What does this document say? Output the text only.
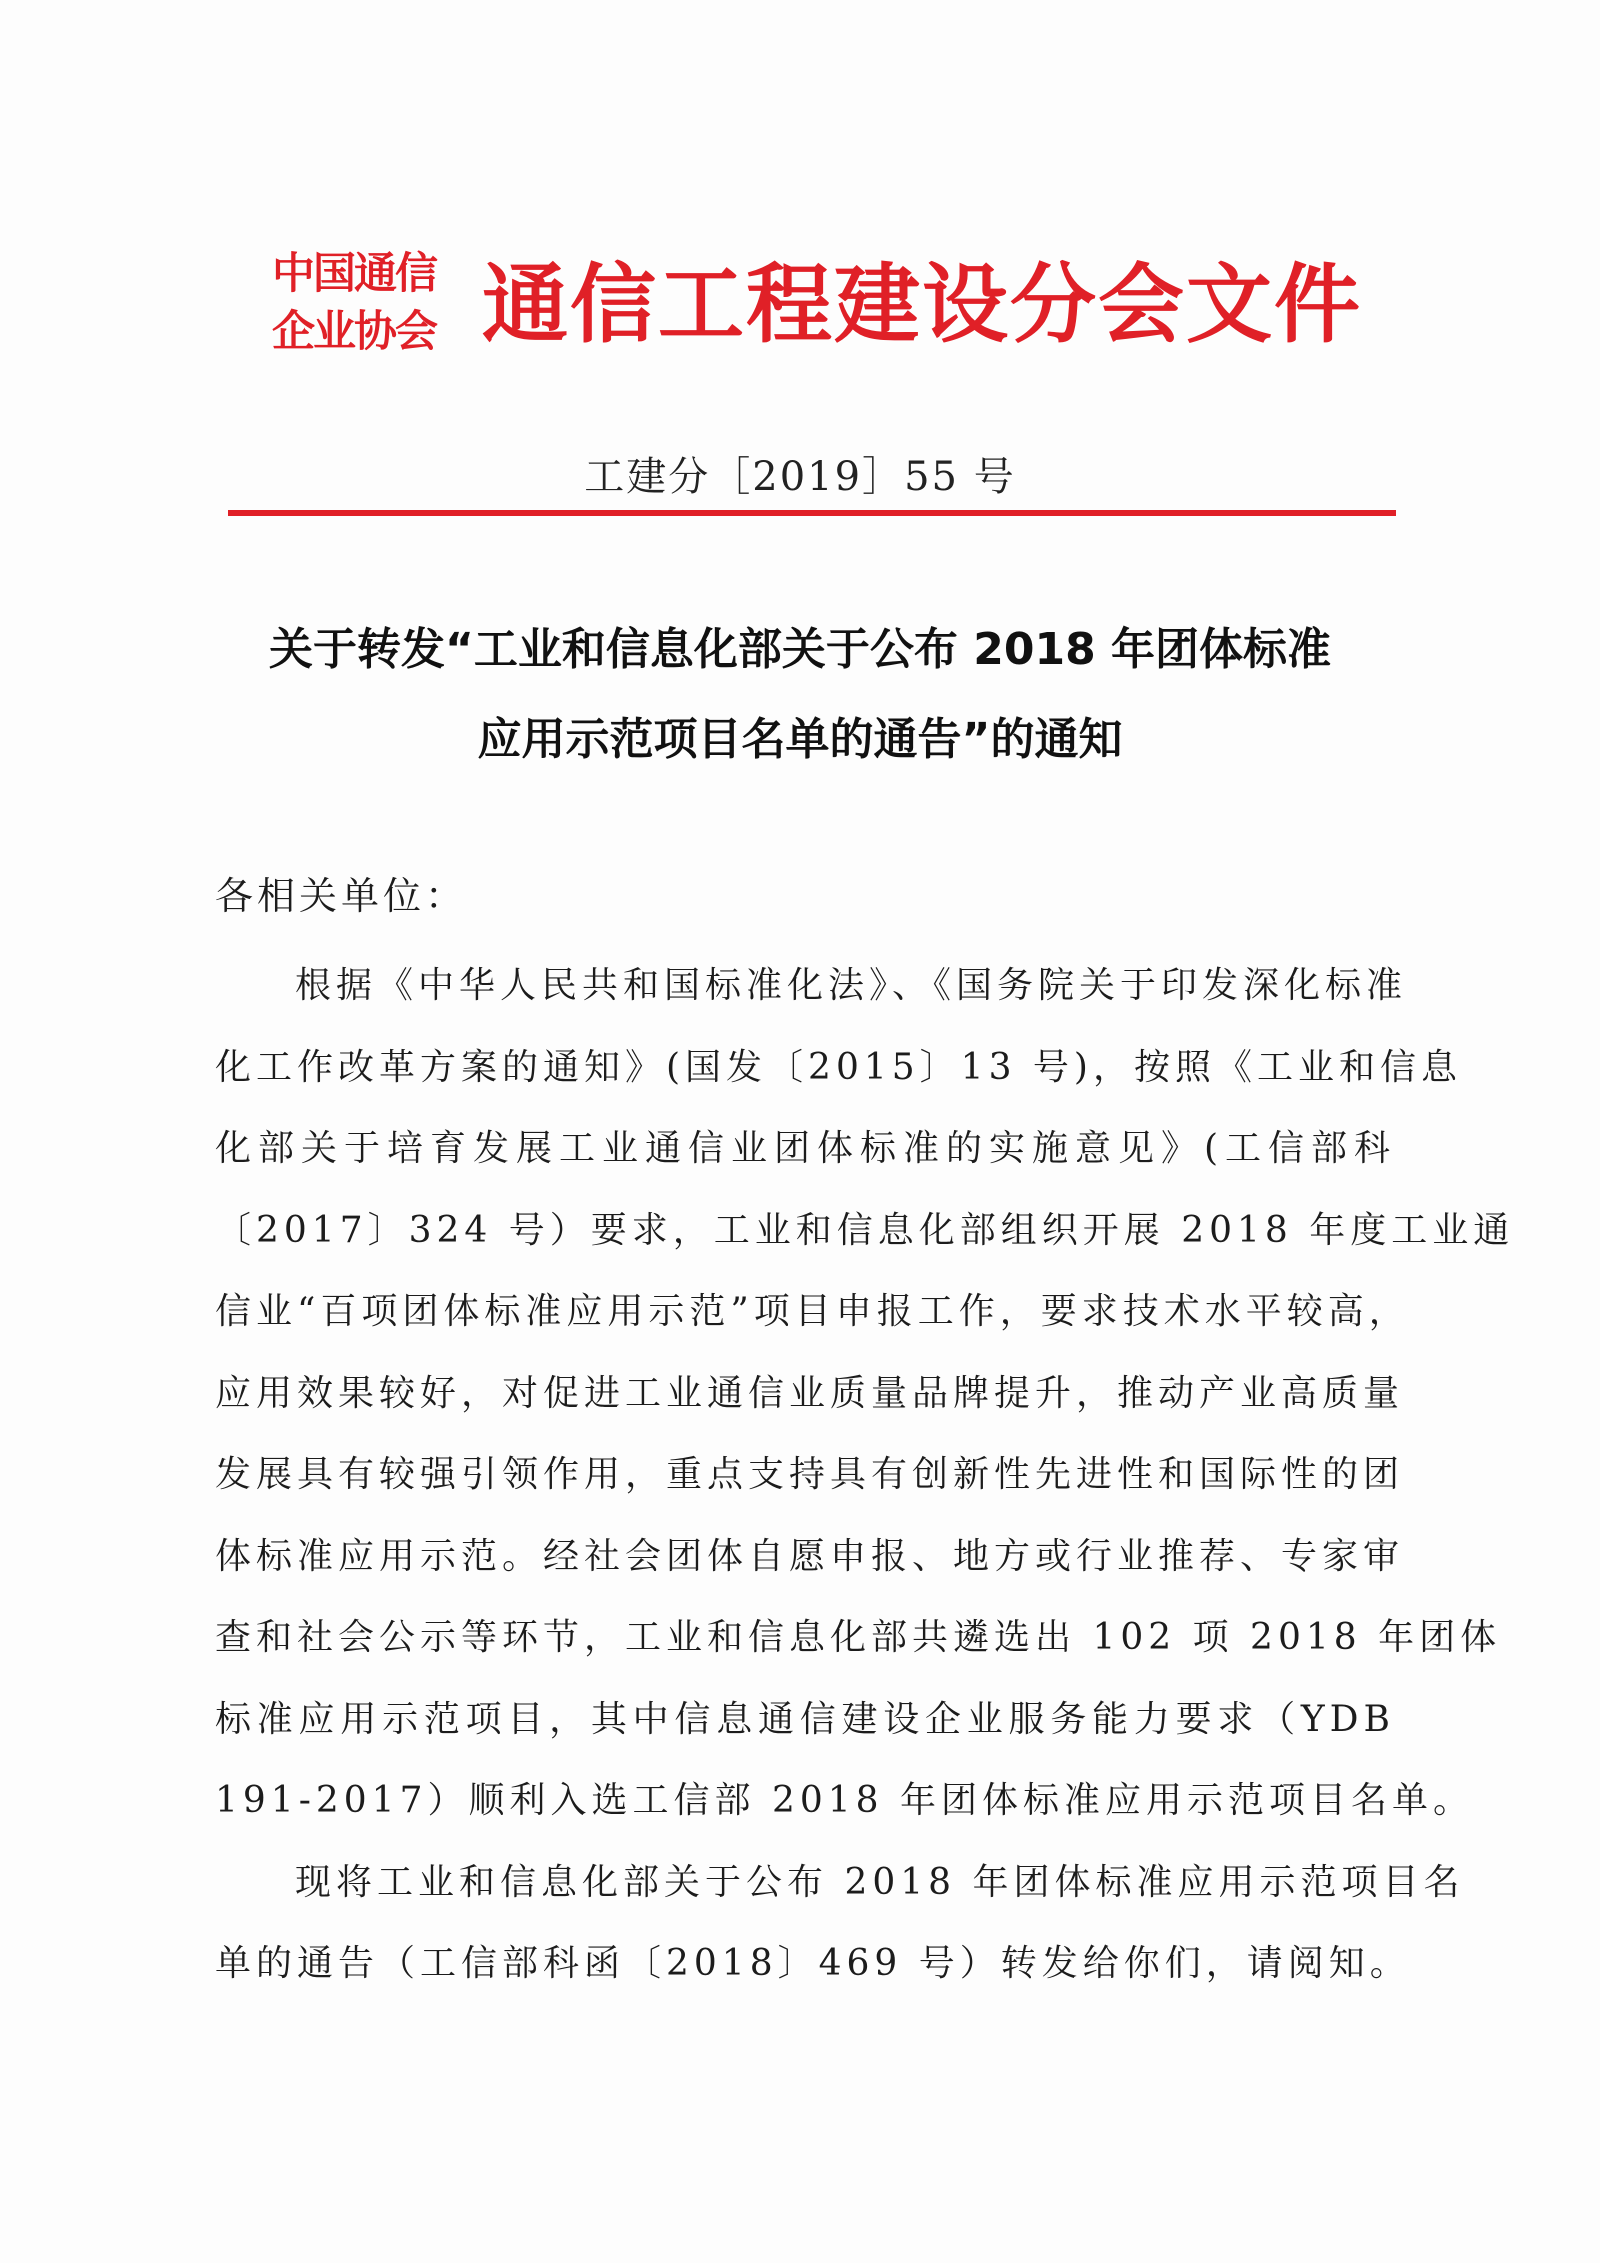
中国通信
企业协会 通信工程建设分会文件
工建分［2019］55 号
关于转发“工业和信息化部关于公布 2018 年团体标准
应用示范项目名单的通告”的通知
各相关单位：
根据《中华人民共和国标准化法》、《国务院关于印发深化标准
化工作改革方案的通知》(国发〔2015〕13 号)，按照《工业和信息
化部关于培育发展工业通信业团体标准的实施意见》(工信部科
〔2017〕324 号）要求，工业和信息化部组织开展 2018 年度工业通
信业“百项团体标准应用示范”项目申报工作，要求技术水平较高，
应用效果较好，对促进工业通信业质量品牌提升，推动产业高质量
发展具有较强引领作用，重点支持具有创新性先进性和国际性的团
体标准应用示范。经社会团体自愿申报、地方或行业推荐、专家审
查和社会公示等环节，工业和信息化部共遴选出 102 项 2018 年团体
标准应用示范项目，其中信息通信建设企业服务能力要求（YDB
191-2017）顺利入选工信部 2018 年团体标准应用示范项目名单。
现将工业和信息化部关于公布 2018 年团体标准应用示范项目名
单的通告（工信部科函〔2018〕469 号）转发给你们，请阅知。
